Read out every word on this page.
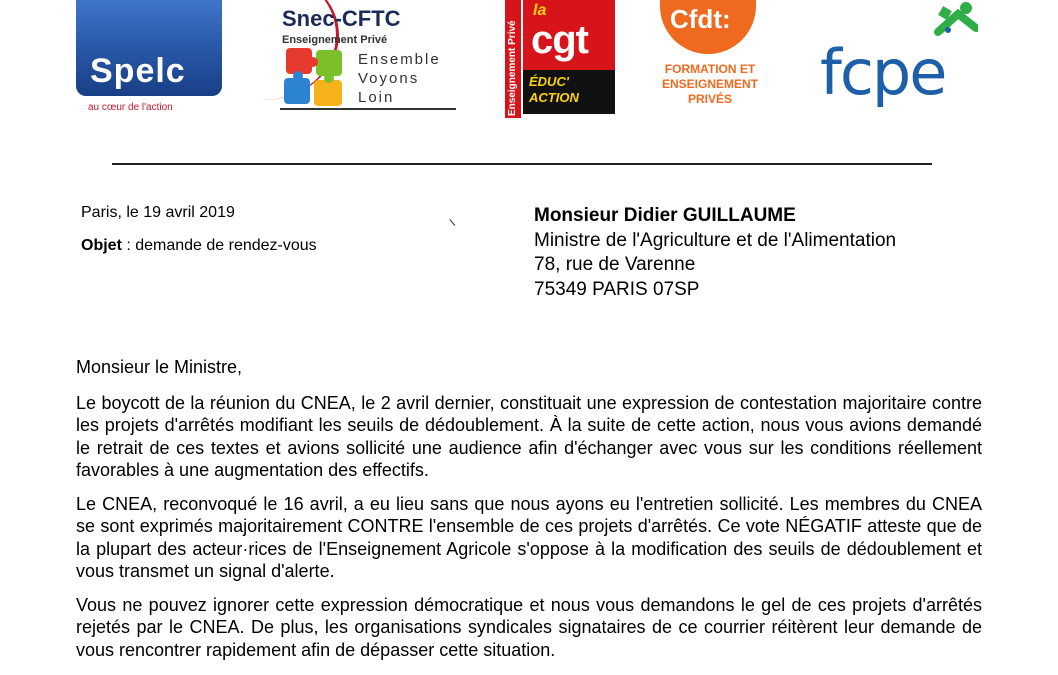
Spelc
au cœur de l'action
Snec-CFTC
Enseignement Privé
Ensemble
Voyons
Loin	Enseignement Privé
la
cgt
ÉDUC'
ACTION
Cfdt:
FORMATION ET
ENSEIGNEMENT
PRIVÉS	fcpe
Paris, le 19 avril 2019
Objet : demande de rendez-vous
Monsieur Didier GUILLAUME
Ministre de l'Agriculture et de l'Alimentation
78, rue de Varenne
75349 PARIS 07SP

Monsieur le Ministre,

Le boycott de la réunion du CNEA, le 2 avril dernier, constituait une expression de contestation majoritaire contre les projets d'arrêtés modifiant les seuils de dédoublement. À la suite de cette action, nous vous avions demandé le retrait de ces textes et avions sollicité une audience afin d'échanger avec vous sur les conditions réellement favorables à une augmentation des effectifs.

Le CNEA, reconvoqué le 16 avril, a eu lieu sans que nous ayons eu l'entretien sollicité. Les membres du CNEA se sont exprimés majoritairement CONTRE l'ensemble de ces projets d'arrêtés. Ce vote NÉGATIF atteste que de la plupart des acteur·rices de l'Enseignement Agricole s'oppose à la modification des seuils de dédoublement et vous transmet un signal d'alerte.

Vous ne pouvez ignorer cette expression démocratique et nous vous demandons le gel de ces projets d'arrêtés rejetés par le CNEA. De plus, les organisations syndicales signataires de ce courrier réitèrent leur demande de vous rencontrer rapidement afin de dépasser cette situation.
